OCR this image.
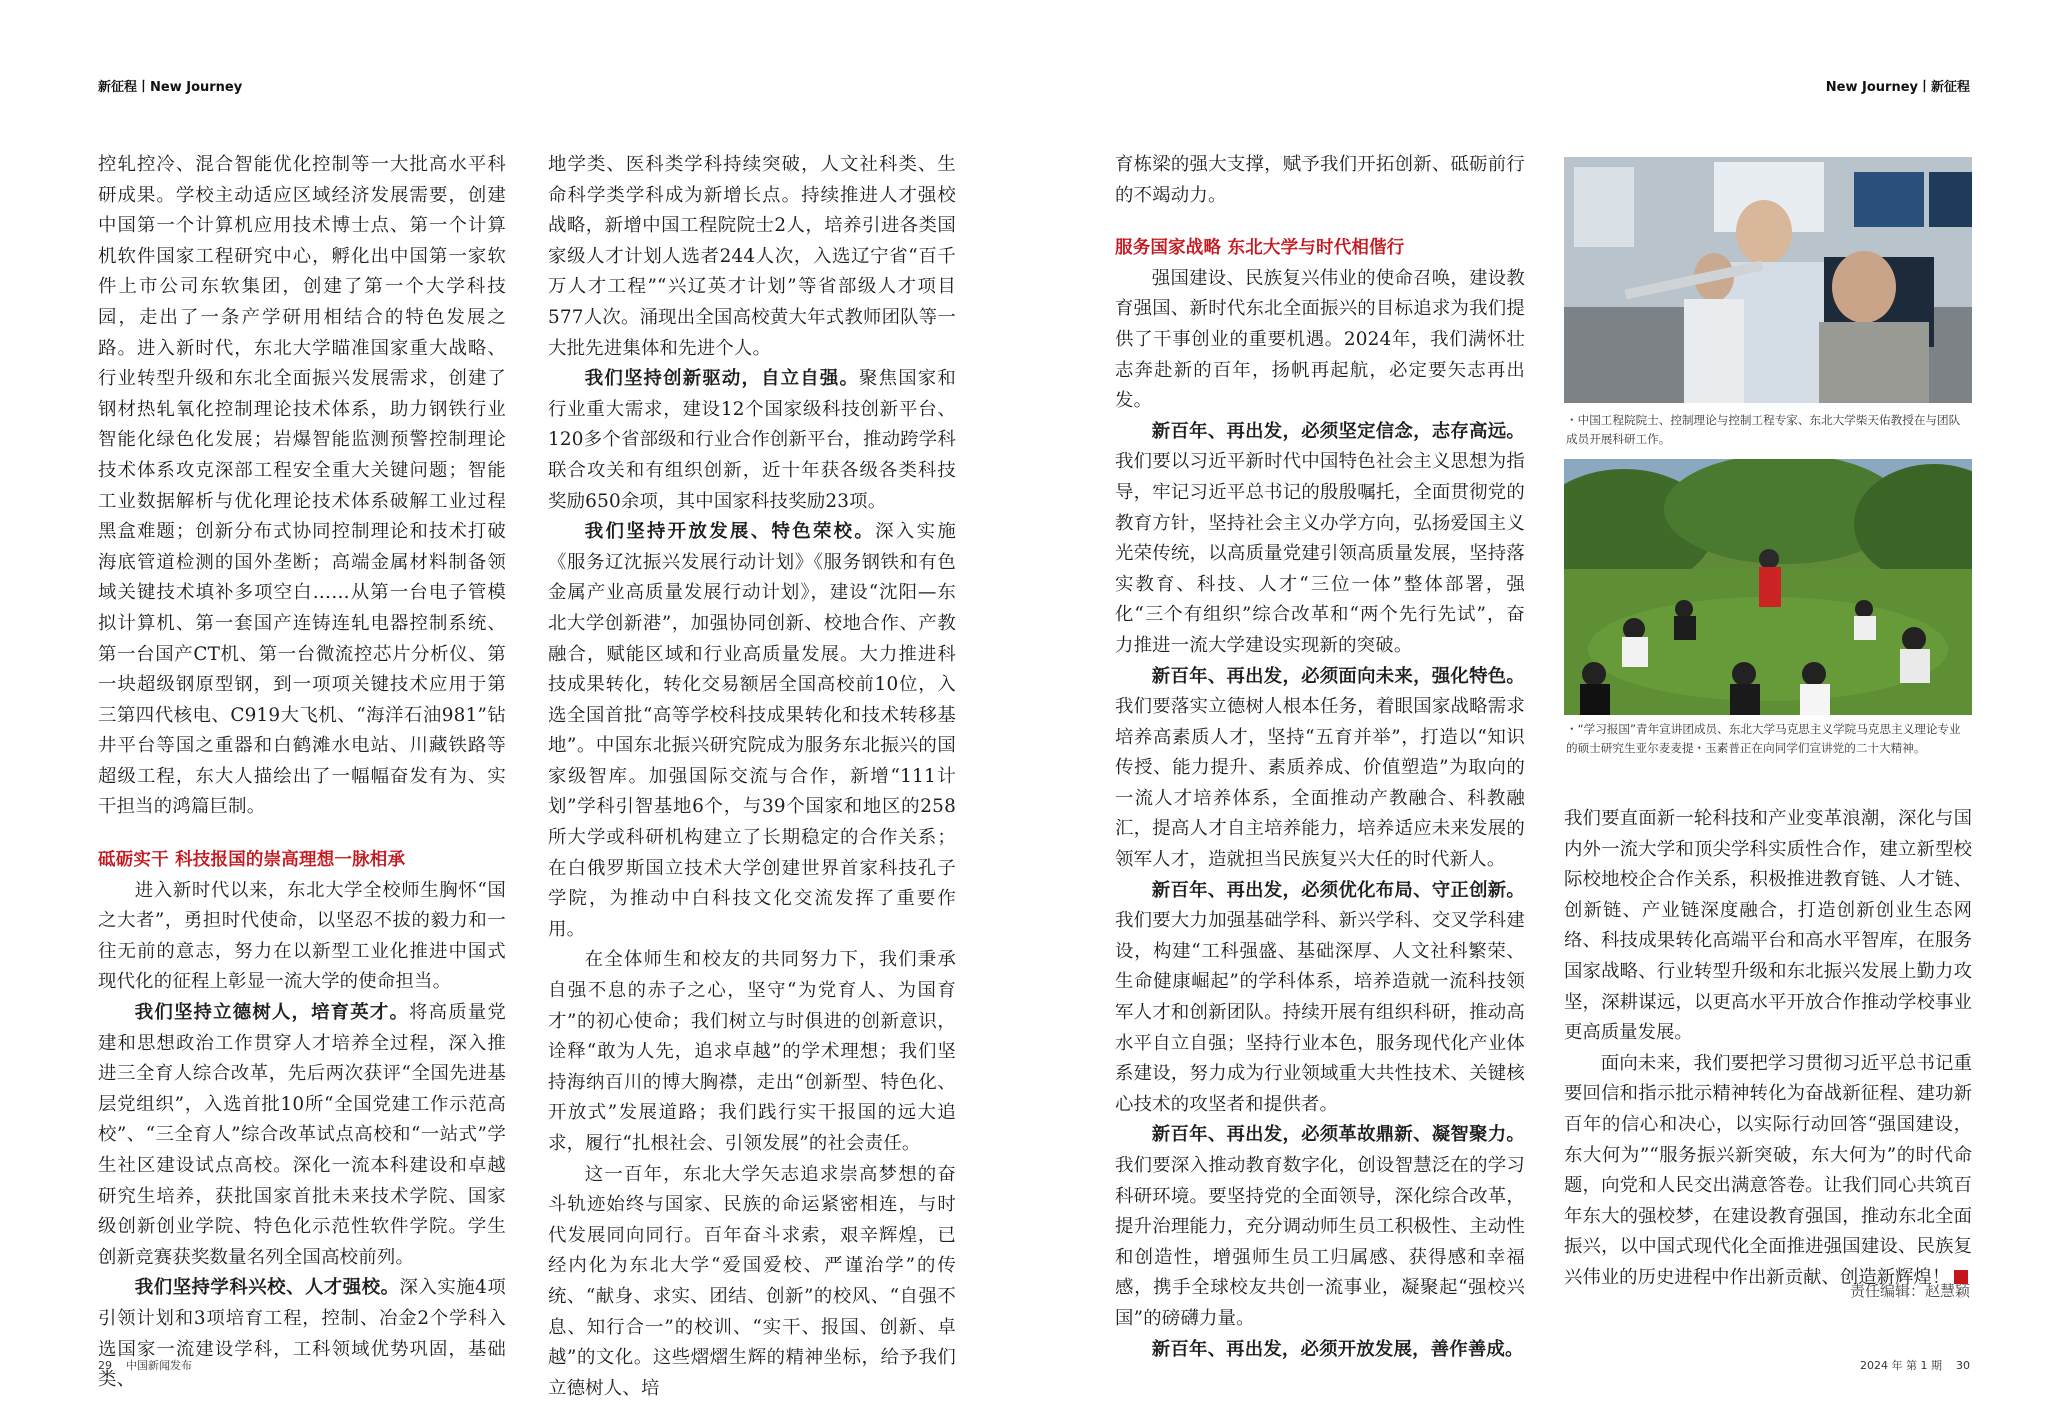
新征程丨New Journey	New Journey丨新征程

控轧控冷、混合智能优化控制等一大批高水平科研成果。学校主动适应区域经济发展需要，创建中国第一个计算机应用技术博士点、第一个计算机软件国家工程研究中心，孵化出中国第一家软件上市公司东软集团，创建了第一个大学科技园，走出了一条产学研用相结合的特色发展之路。进入新时代，东北大学瞄准国家重大战略、行业转型升级和东北全面振兴发展需求，创建了钢材热轧氧化控制理论技术体系，助力钢铁行业智能化绿色化发展；岩爆智能监测预警控制理论技术体系攻克深部工程安全重大关键问题；智能工业数据解析与优化理论技术体系破解工业过程黑盒难题；创新分布式协同控制理论和技术打破海底管道检测的国外垄断；高端金属材料制备领域关键技术填补多项空白……从第一台电子管模拟计算机、第一套国产连铸连轧电器控制系统、第一台国产CT机、第一台微流控芯片分析仪、第一块超级钢原型钢，到一项项关键技术应用于第三第四代核电、C919大飞机、“海洋石油981”钻井平台等国之重器和白鹤滩水电站、川藏铁路等超级工程，东大人描绘出了一幅幅奋发有为、实干担当的鸿篇巨制。

砥砺实干 科技报国的崇高理想一脉相承

进入新时代以来，东北大学全校师生胸怀“国之大者”，勇担时代使命，以坚忍不拔的毅力和一往无前的意志，努力在以新型工业化推进中国式现代化的征程上彰显一流大学的使命担当。

我们坚持立德树人，培育英才。将高质量党建和思想政治工作贯穿人才培养全过程，深入推进三全育人综合改革，先后两次获评“全国先进基层党组织”，入选首批10所“全国党建工作示范高校”、“三全育人”综合改革试点高校和“一站式”学生社区建设试点高校。深化一流本科建设和卓越研究生培养，获批国家首批未来技术学院、国家级创新创业学院、特色化示范性软件学院。学生创新竞赛获奖数量名列全国高校前列。

我们坚持学科兴校、人才强校。深入实施4项引领计划和3项培育工程，控制、冶金2个学科入选国家一流建设学科，工科领域优势巩固，基础类、

地学类、医科类学科持续突破，人文社科类、生命科学类学科成为新增长点。持续推进人才强校战略，新增中国工程院院士2人，培养引进各类国家级人才计划人选者244人次，入选辽宁省“百千万人才工程”“兴辽英才计划”等省部级人才项目577人次。涌现出全国高校黄大年式教师团队等一大批先进集体和先进个人。

我们坚持创新驱动，自立自强。聚焦国家和行业重大需求，建设12个国家级科技创新平台、120多个省部级和行业合作创新平台，推动跨学科联合攻关和有组织创新，近十年获各级各类科技奖励650余项，其中国家科技奖励23项。

我们坚持开放发展、特色荣校。深入实施《服务辽沈振兴发展行动计划》《服务钢铁和有色金属产业高质量发展行动计划》，建设“沈阳—东北大学创新港”，加强协同创新、校地合作、产教融合，赋能区域和行业高质量发展。大力推进科技成果转化，转化交易额居全国高校前10位，入选全国首批“高等学校科技成果转化和技术转移基地”。中国东北振兴研究院成为服务东北振兴的国家级智库。加强国际交流与合作，新增“111计划”学科引智基地6个，与39个国家和地区的258所大学或科研机构建立了长期稳定的合作关系；在白俄罗斯国立技术大学创建世界首家科技孔子学院，为推动中白科技文化交流发挥了重要作用。

在全体师生和校友的共同努力下，我们秉承自强不息的赤子之心，坚守“为党育人、为国育才”的初心使命；我们树立与时俱进的创新意识，诠释“敢为人先，追求卓越”的学术理想；我们坚持海纳百川的博大胸襟，走出“创新型、特色化、开放式”发展道路；我们践行实干报国的远大追求，履行“扎根社会、引领发展”的社会责任。

这一百年，东北大学矢志追求崇高梦想的奋斗轨迹始终与国家、民族的命运紧密相连，与时代发展同向同行。百年奋斗求索，艰辛辉煌，已经内化为东北大学“爱国爱校、严谨治学”的传统、“献身、求实、团结、创新”的校风、“自强不息、知行合一”的校训、“实干、报国、创新、卓越”的文化。这些熠熠生辉的精神坐标，给予我们立德树人、培

育栋梁的强大支撑，赋予我们开拓创新、砥砺前行的不竭动力。

服务国家战略 东北大学与时代相偕行

强国建设、民族复兴伟业的使命召唤，建设教育强国、新时代东北全面振兴的目标追求为我们提供了干事创业的重要机遇。2024年，我们满怀壮志奔赴新的百年，扬帆再起航，必定要矢志再出发。

新百年、再出发，必须坚定信念，志存高远。我们要以习近平新时代中国特色社会主义思想为指导，牢记习近平总书记的殷殷嘱托，全面贯彻党的教育方针，坚持社会主义办学方向，弘扬爱国主义光荣传统，以高质量党建引领高质量发展，坚持落实教育、科技、人才“三位一体”整体部署，强化“三个有组织”综合改革和“两个先行先试”，奋力推进一流大学建设实现新的突破。

新百年、再出发，必须面向未来，强化特色。我们要落实立德树人根本任务，着眼国家战略需求培养高素质人才，坚持“五育并举”，打造以“知识传授、能力提升、素质养成、价值塑造”为取向的一流人才培养体系，全面推动产教融合、科教融汇，提高人才自主培养能力，培养适应未来发展的领军人才，造就担当民族复兴大任的时代新人。

新百年、再出发，必须优化布局、守正创新。我们要大力加强基础学科、新兴学科、交叉学科建设，构建“工科强盛、基础深厚、人文社科繁荣、生命健康崛起”的学科体系，培养造就一流科技领军人才和创新团队。持续开展有组织科研，推动高水平自立自强；坚持行业本色，服务现代化产业体系建设，努力成为行业领域重大共性技术、关键核心技术的攻坚者和提供者。

新百年、再出发，必须革故鼎新、凝智聚力。我们要深入推动教育数字化，创设智慧泛在的学习科研环境。要坚持党的全面领导，深化综合改革，提升治理能力，充分调动师生员工积极性、主动性和创造性，增强师生员工归属感、获得感和幸福感，携手全球校友共创一流事业，凝聚起“强校兴国”的磅礴力量。

新百年、再出发，必须开放发展，善作善成。

・中国工程院院士、控制理论与控制工程专家、东北大学柴天佑教授在与团队成员开展科研工作。
・“学习报国”青年宣讲团成员、东北大学马克思主义学院马克思主义理论专业的硕士研究生亚尔麦麦提・玉素普正在向同学们宣讲党的二十大精神。

我们要直面新一轮科技和产业变革浪潮，深化与国内外一流大学和顶尖学科实质性合作，建立新型校际校地校企合作关系，积极推进教育链、人才链、创新链、产业链深度融合，打造创新创业生态网络、科技成果转化高端平台和高水平智库，在服务国家战略、行业转型升级和东北振兴发展上勤力攻坚，深耕谋远，以更高水平开放合作推动学校事业更高质量发展。

面向未来，我们要把学习贯彻习近平总书记重要回信和指示批示精神转化为奋战新征程、建功新百年的信心和决心，以实际行动回答“强国建设，东大何为”“服务振兴新突破，东大何为”的时代命题，向党和人民交出满意答卷。让我们同心共筑百年东大的强校梦，在建设教育强国，推动东北全面振兴，以中国式现代化全面推进强国建设、民族复兴伟业的历史进程中作出新贡献、创造新辉煌！

责任编辑：赵慧颖
29 中国新闻发布	2024 年 第 1 期 30
